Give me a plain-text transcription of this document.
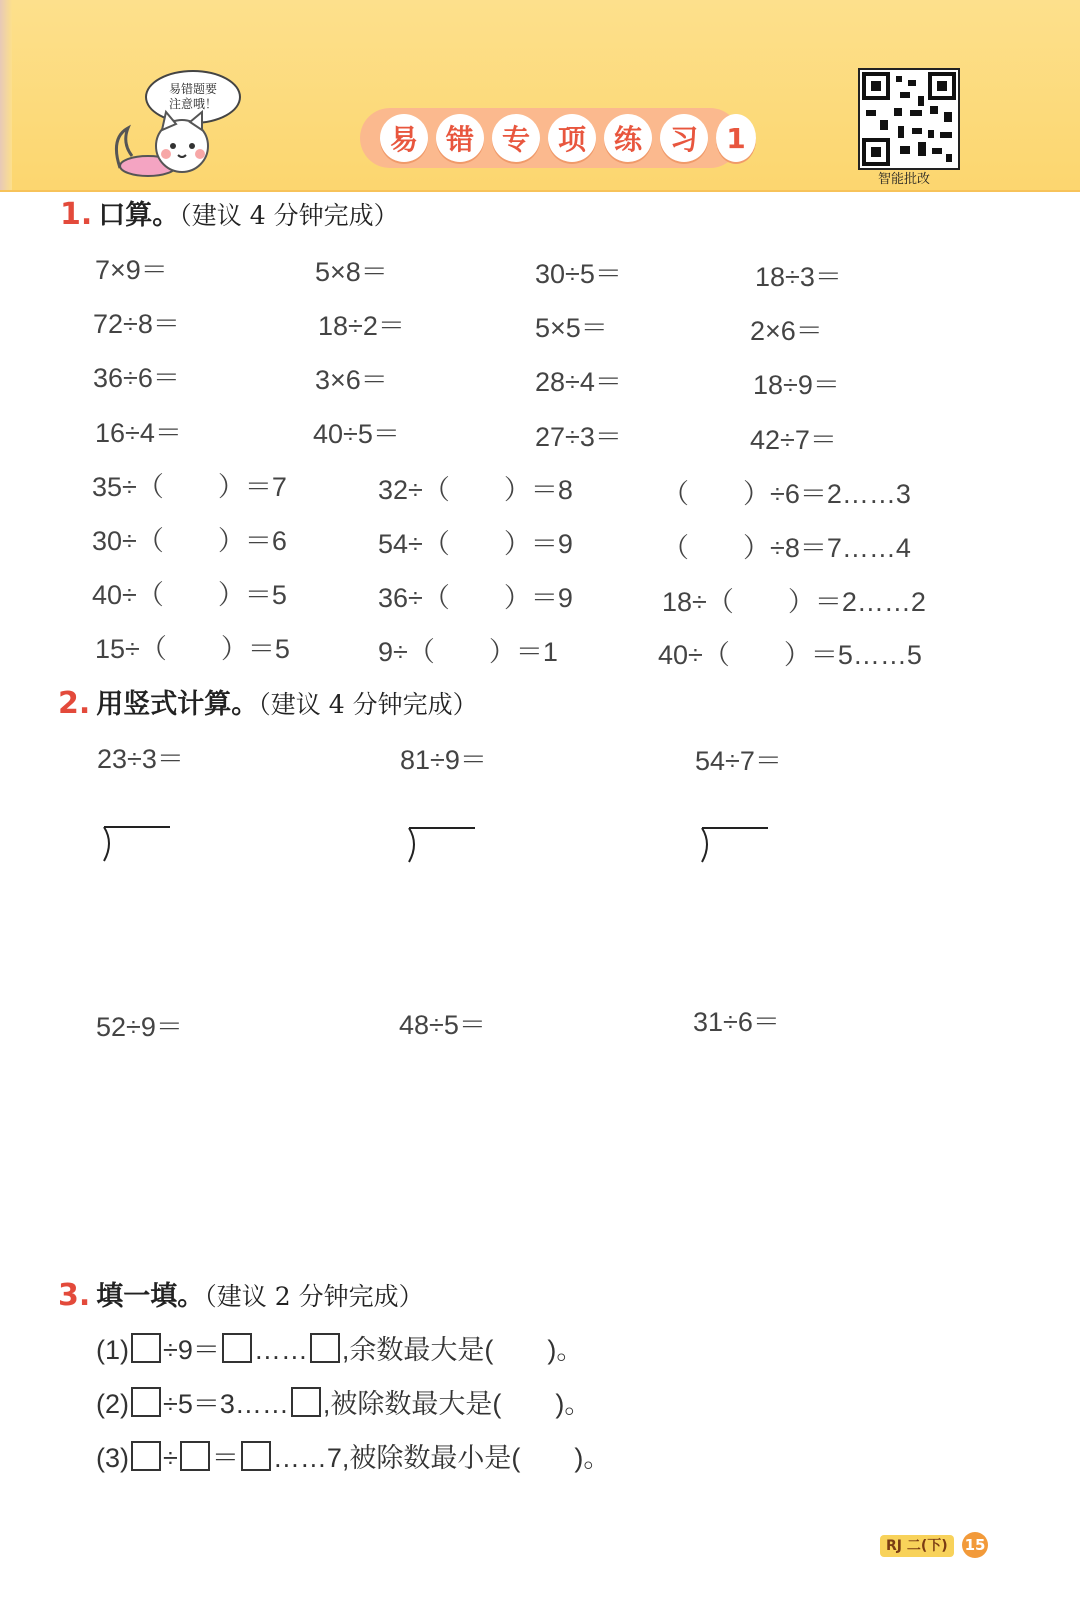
易错题要
注意哦！
易 错 专 项 练 习	1
智能批改
1. 口算。（建议 4 分钟完成）
7×9＝	5×8＝	30÷5＝	18÷3＝
72÷8＝	18÷2＝	5×5＝	2×6＝
36÷6＝	3×6＝	28÷4＝	18÷9＝
16÷4＝	40÷5＝	27÷3＝	42÷7＝
35÷（　　）＝7	32÷（　　）＝8	（　　）÷6＝2……3
30÷（　　）＝6	54÷（　　）＝9	（　　）÷8＝7……4
40÷（　　）＝5	36÷（　　）＝9	18÷（　　）＝2……2
15÷（　　）＝5	9÷（　　）＝1	40÷（　　）＝5……5
2. 用竖式计算。（建议 4 分钟完成）
23÷3＝	81÷9＝	54÷7＝
52÷9＝	48÷5＝	31÷6＝
3. 填一填。（建议 2 分钟完成）
(1) ÷9＝ …… ,余数最大是(　　)。
(2) ÷5＝3…… ,被除数最大是(　　)。
(3) ÷ ＝ ……7,被除数最小是(　　)。
RJ 二(下)	15
